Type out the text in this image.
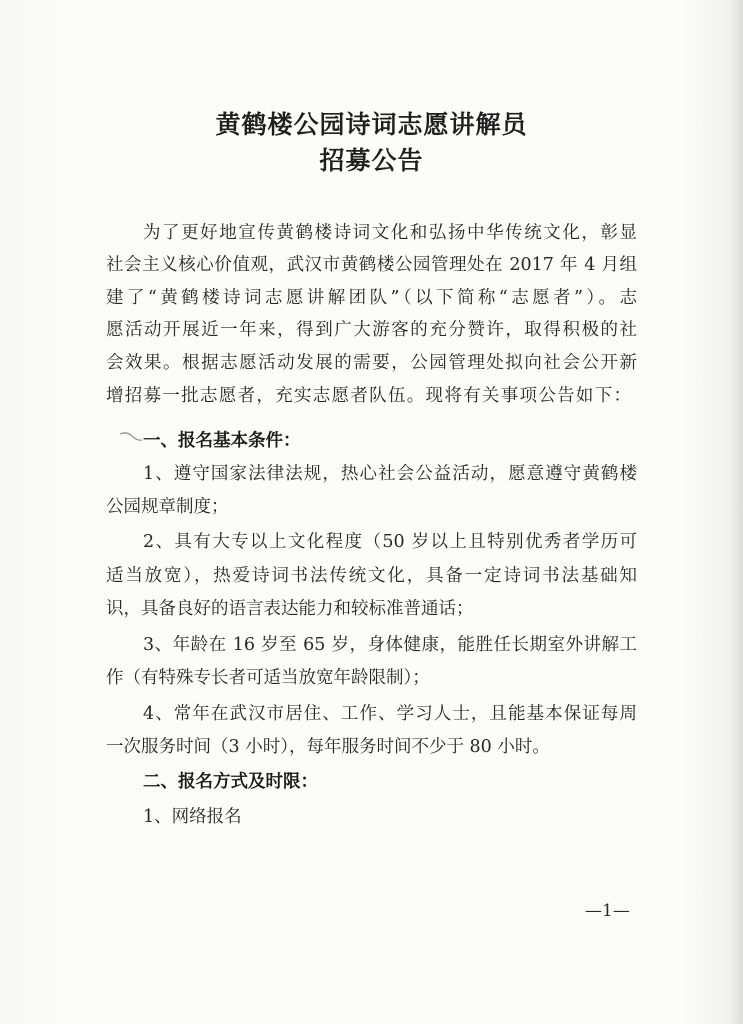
黄鹤楼公园诗词志愿讲解员
招募公告
为了更好地宣传黄鹤楼诗词文化和弘扬中华传统文化，彰显
社会主义核心价值观，武汉市黄鹤楼公园管理处在 2017 年 4 月组
建了“黄鹤楼诗词志愿讲解团队”（以下简称“志愿者”）。志
愿活动开展近一年来，得到广大游客的充分赞许，取得积极的社
会效果。根据志愿活动发展的需要，公园管理处拟向社会公开新
增招募一批志愿者，充实志愿者队伍。现将有关事项公告如下：
一、报名基本条件：
1、遵守国家法律法规，热心社会公益活动，愿意遵守黄鹤楼
公园规章制度；
2、具有大专以上文化程度（50 岁以上且特别优秀者学历可
适当放宽），热爱诗词书法传统文化，具备一定诗词书法基础知
识，具备良好的语言表达能力和较标准普通话；
3、年龄在 16 岁至 65 岁，身体健康，能胜任长期室外讲解工
作（有特殊专长者可适当放宽年龄限制）；
4、常年在武汉市居住、工作、学习人士，且能基本保证每周
一次服务时间（3 小时），每年服务时间不少于 80 小时。
二、报名方式及时限：
1、网络报名
—1—
